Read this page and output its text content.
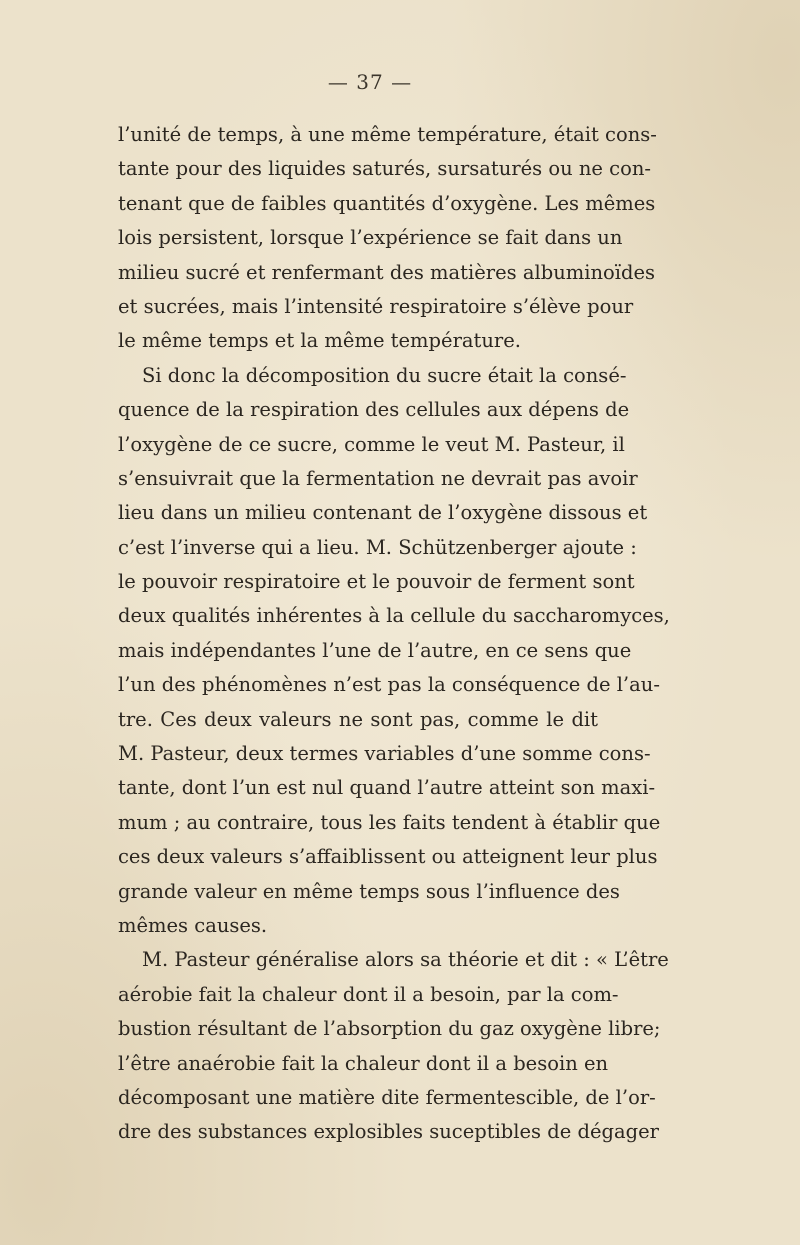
— 37 —
l’unité de temps, à une même température, était cons-
tante pour des liquides saturés, sursaturés ou ne con-
tenant que de faibles quantités d’oxygène. Les mêmes
lois persistent, lorsque l’expérience se fait dans un
milieu sucré et renfermant des matières albuminoïdes
et sucrées, mais l’intensité respiratoire s’élève pour
le même temps et la même température.
Si donc la décomposition du sucre était la consé-
quence de la respiration des cellules aux dépens de
l’oxygène de ce sucre, comme le veut M. Pasteur, il
s’ensuivrait que la fermentation ne devrait pas avoir
lieu dans un milieu contenant de l’oxygène dissous et
c’est l’inverse qui a lieu. M. Schützenberger ajoute :
le pouvoir respiratoire et le pouvoir de ferment sont
deux qualités inhérentes à la cellule du saccharomyces,
mais indépendantes l’une de l’autre, en ce sens que
l’un des phénomènes n’est pas la conséquence de l’au-
tre. Ces deux valeurs ne sont pas, comme le dit
M. Pasteur, deux termes variables d’une somme cons-
tante, dont l’un est nul quand l’autre atteint son maxi-
mum ; au contraire, tous les faits tendent à établir que
ces deux valeurs s’affaiblissent ou atteignent leur plus
grande valeur en même temps sous l’influence des
mêmes causes.
M. Pasteur généralise alors sa théorie et dit : « L’être
aérobie fait la chaleur dont il a besoin, par la com-
bustion résultant de l’absorption du gaz oxygène libre;
l’être anaérobie fait la chaleur dont il a besoin en
décomposant une matière dite fermentescible, de l’or-
dre des substances explosibles suceptibles de dégager
